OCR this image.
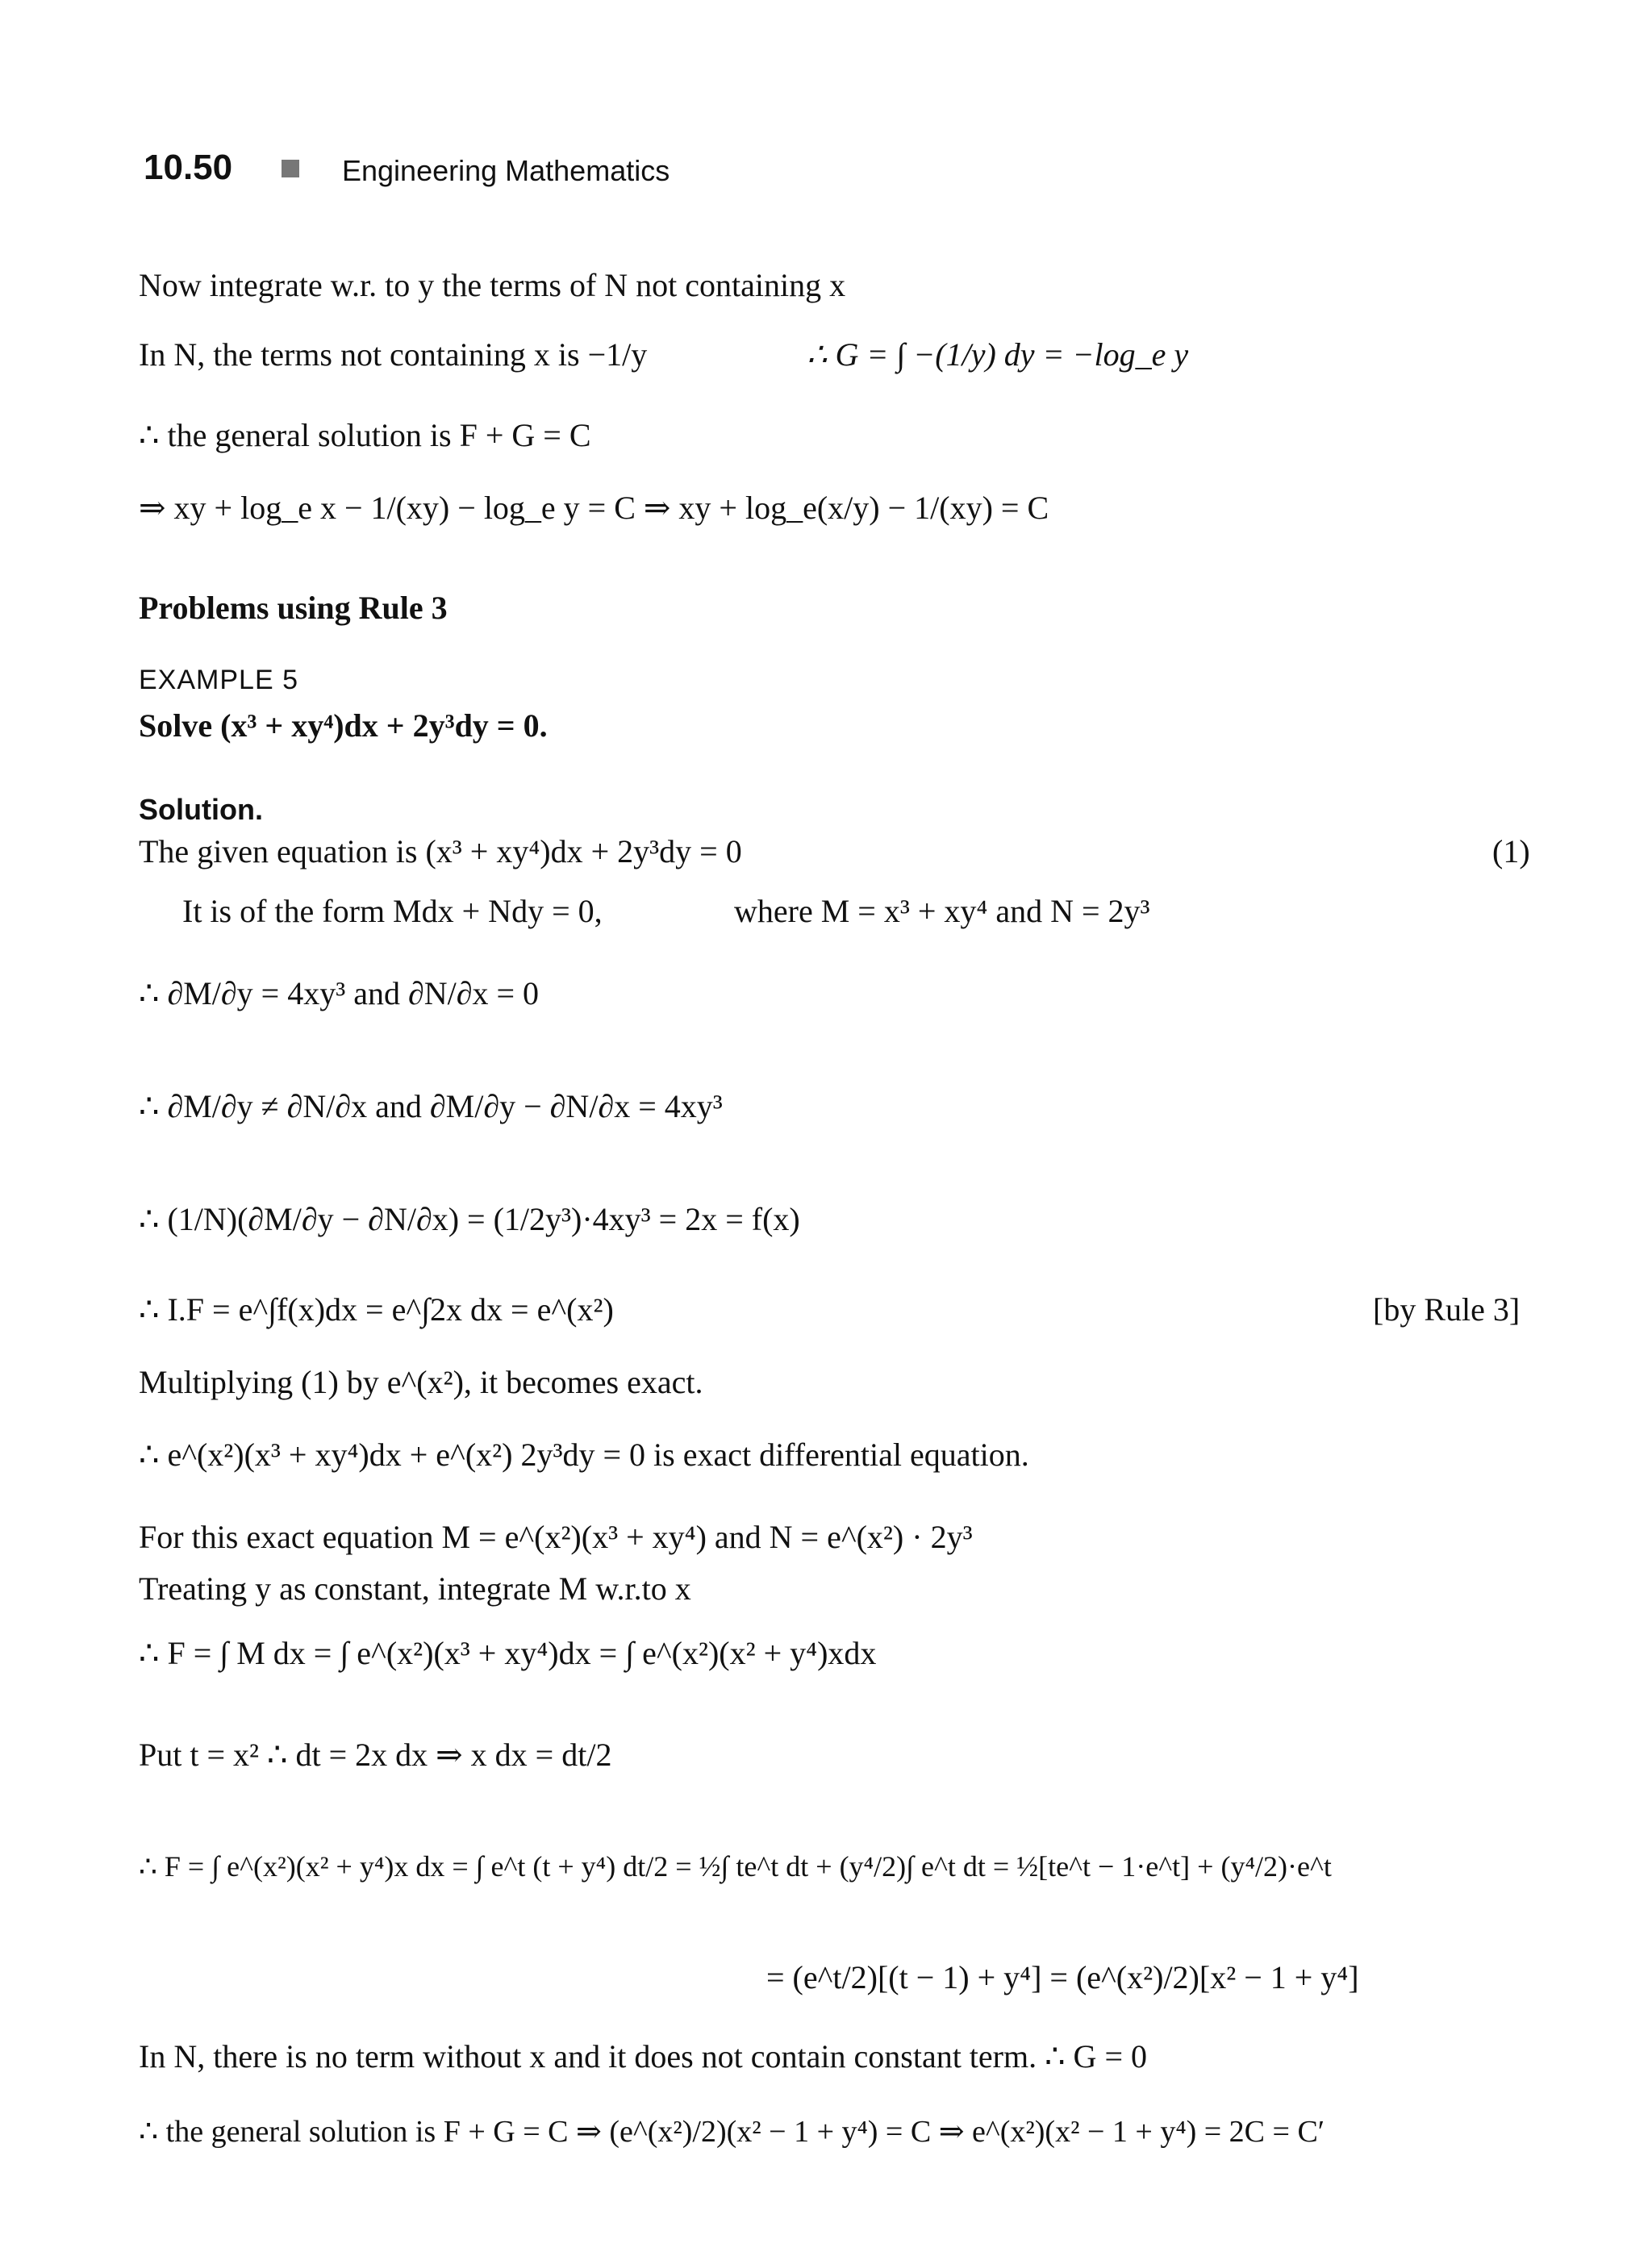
10.50	Engineering Mathematics
Now integrate w.r. to y the terms of N not containing x
In N, the terms not containing x is −1/y	∴ G = ∫ −(1/y) dy = −log_e y
∴ the general solution is F + G = C
⇒ xy + log_e x − 1/(xy) − log_e y = C ⇒ xy + log_e(x/y) − 1/(xy) = C
Problems using Rule 3
EXAMPLE 5
Solve (x³ + xy⁴)dx + 2y³dy = 0.
Solution.
The given equation is (x³ + xy⁴)dx + 2y³dy = 0	(1)
It is of the form Mdx + Ndy = 0,	where M = x³ + xy⁴ and N = 2y³
∴ ∂M/∂y = 4xy³ and ∂N/∂x = 0
∴ ∂M/∂y ≠ ∂N/∂x and ∂M/∂y − ∂N/∂x = 4xy³
∴ (1/N)(∂M/∂y − ∂N/∂x) = (1/2y³)·4xy³ = 2x = f(x)
∴ I.F = e^∫f(x)dx = e^∫2x dx = e^(x²)	[by Rule 3]
Multiplying (1) by e^(x²), it becomes exact.
∴ e^(x²)(x³ + xy⁴)dx + e^(x²) 2y³dy = 0 is exact differential equation.
For this exact equation M = e^(x²)(x³ + xy⁴) and N = e^(x²) · 2y³
Treating y as constant, integrate M w.r.to x
∴ F = ∫ M dx = ∫ e^(x²)(x³ + xy⁴)dx = ∫ e^(x²)(x² + y⁴)xdx
Put t = x² ∴ dt = 2x dx ⇒ x dx = dt/2
∴ F = ∫ e^(x²)(x² + y⁴)x dx = ∫ e^t (t + y⁴) dt/2 = ½∫ te^t dt + (y⁴/2)∫ e^t dt = ½[te^t − 1·e^t] + (y⁴/2)·e^t
= (e^t/2)[(t − 1) + y⁴] = (e^(x²)/2)[x² − 1 + y⁴]
In N, there is no term without x and it does not contain constant term. ∴ G = 0
∴ the general solution is F + G = C ⇒ (e^(x²)/2)(x² − 1 + y⁴) = C ⇒ e^(x²)(x² − 1 + y⁴) = 2C = C′
